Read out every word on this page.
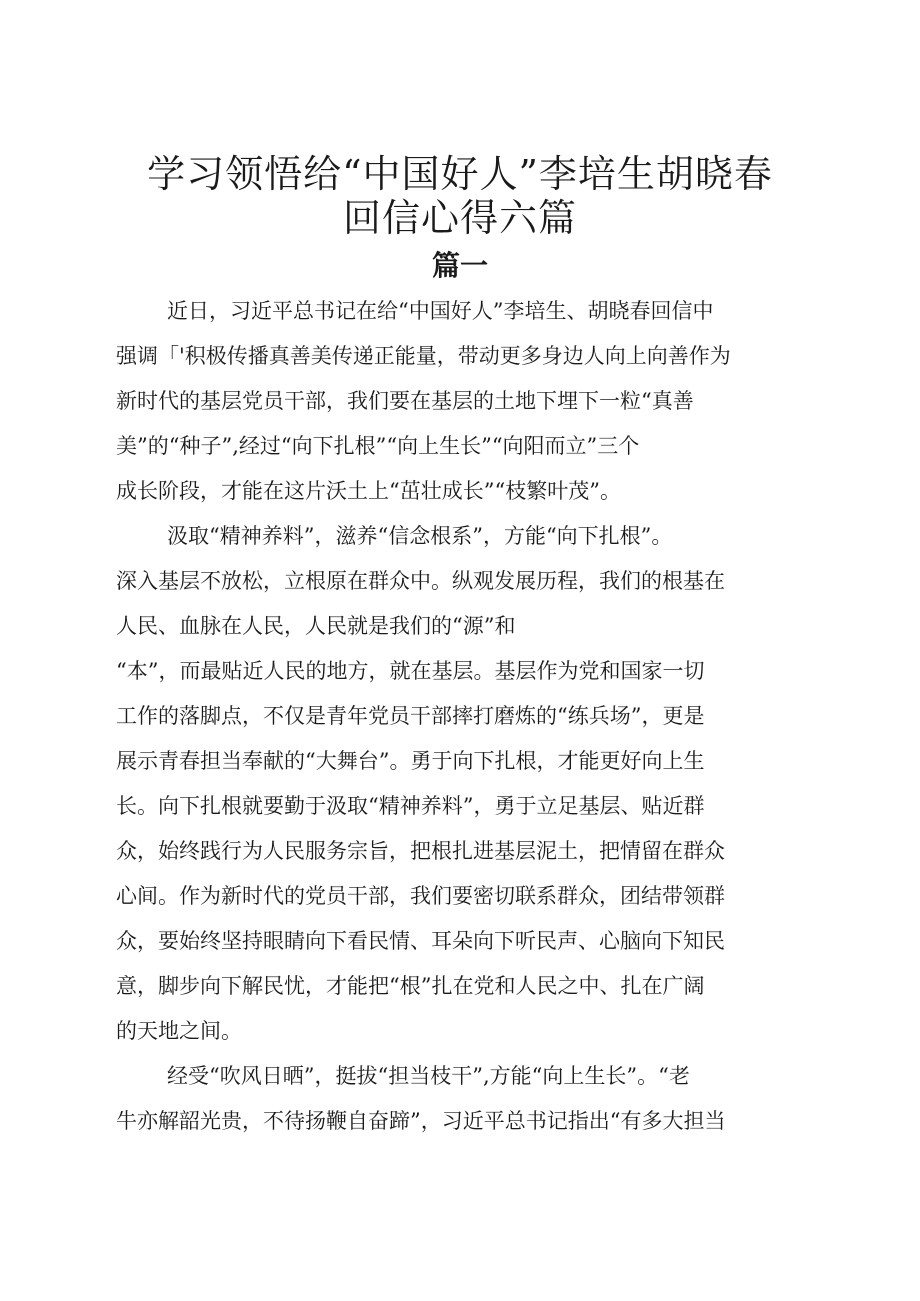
学习领悟给“中国好人”李培生胡晓春
回信心得六篇
篇一

近日，习近平总书记在给“中国好人”李培生、胡晓春回信中

强调「'积极传播真善美传递正能量，带动更多身边人向上向善作为

新时代的基层党员干部，我们要在基层的土地下埋下一粒“真善

美”的“种子”,经过“向下扎根”“向上生长”“向阳而立”三个

成长阶段，才能在这片沃土上“茁壮成长”“枝繁叶茂”。

汲取“精神养料”，滋养“信念根系”，方能“向下扎根”。

深入基层不放松，立根原在群众中。纵观发展历程，我们的根基在

人民、血脉在人民，人民就是我们的“源”和

“本”，而最贴近人民的地方，就在基层。基层作为党和国家一切

工作的落脚点，不仅是青年党员干部摔打磨炼的“练兵场”，更是

展示青春担当奉献的“大舞台”。勇于向下扎根，才能更好向上生

长。向下扎根就要勤于汲取“精神养料”，勇于立足基层、贴近群

众，始终践行为人民服务宗旨，把根扎进基层泥土，把情留在群众

心间。作为新时代的党员干部，我们要密切联系群众，团结带领群

众，要始终坚持眼睛向下看民情、耳朵向下听民声、心脑向下知民

意，脚步向下解民忧，才能把“根”扎在党和人民之中、扎在广阔

的天地之间。

经受“吹风日晒”，挺拔“担当枝干”,方能“向上生长”。“老

牛亦解韶光贵，不待扬鞭自奋蹄”，习近平总书记指出“有多大担当
